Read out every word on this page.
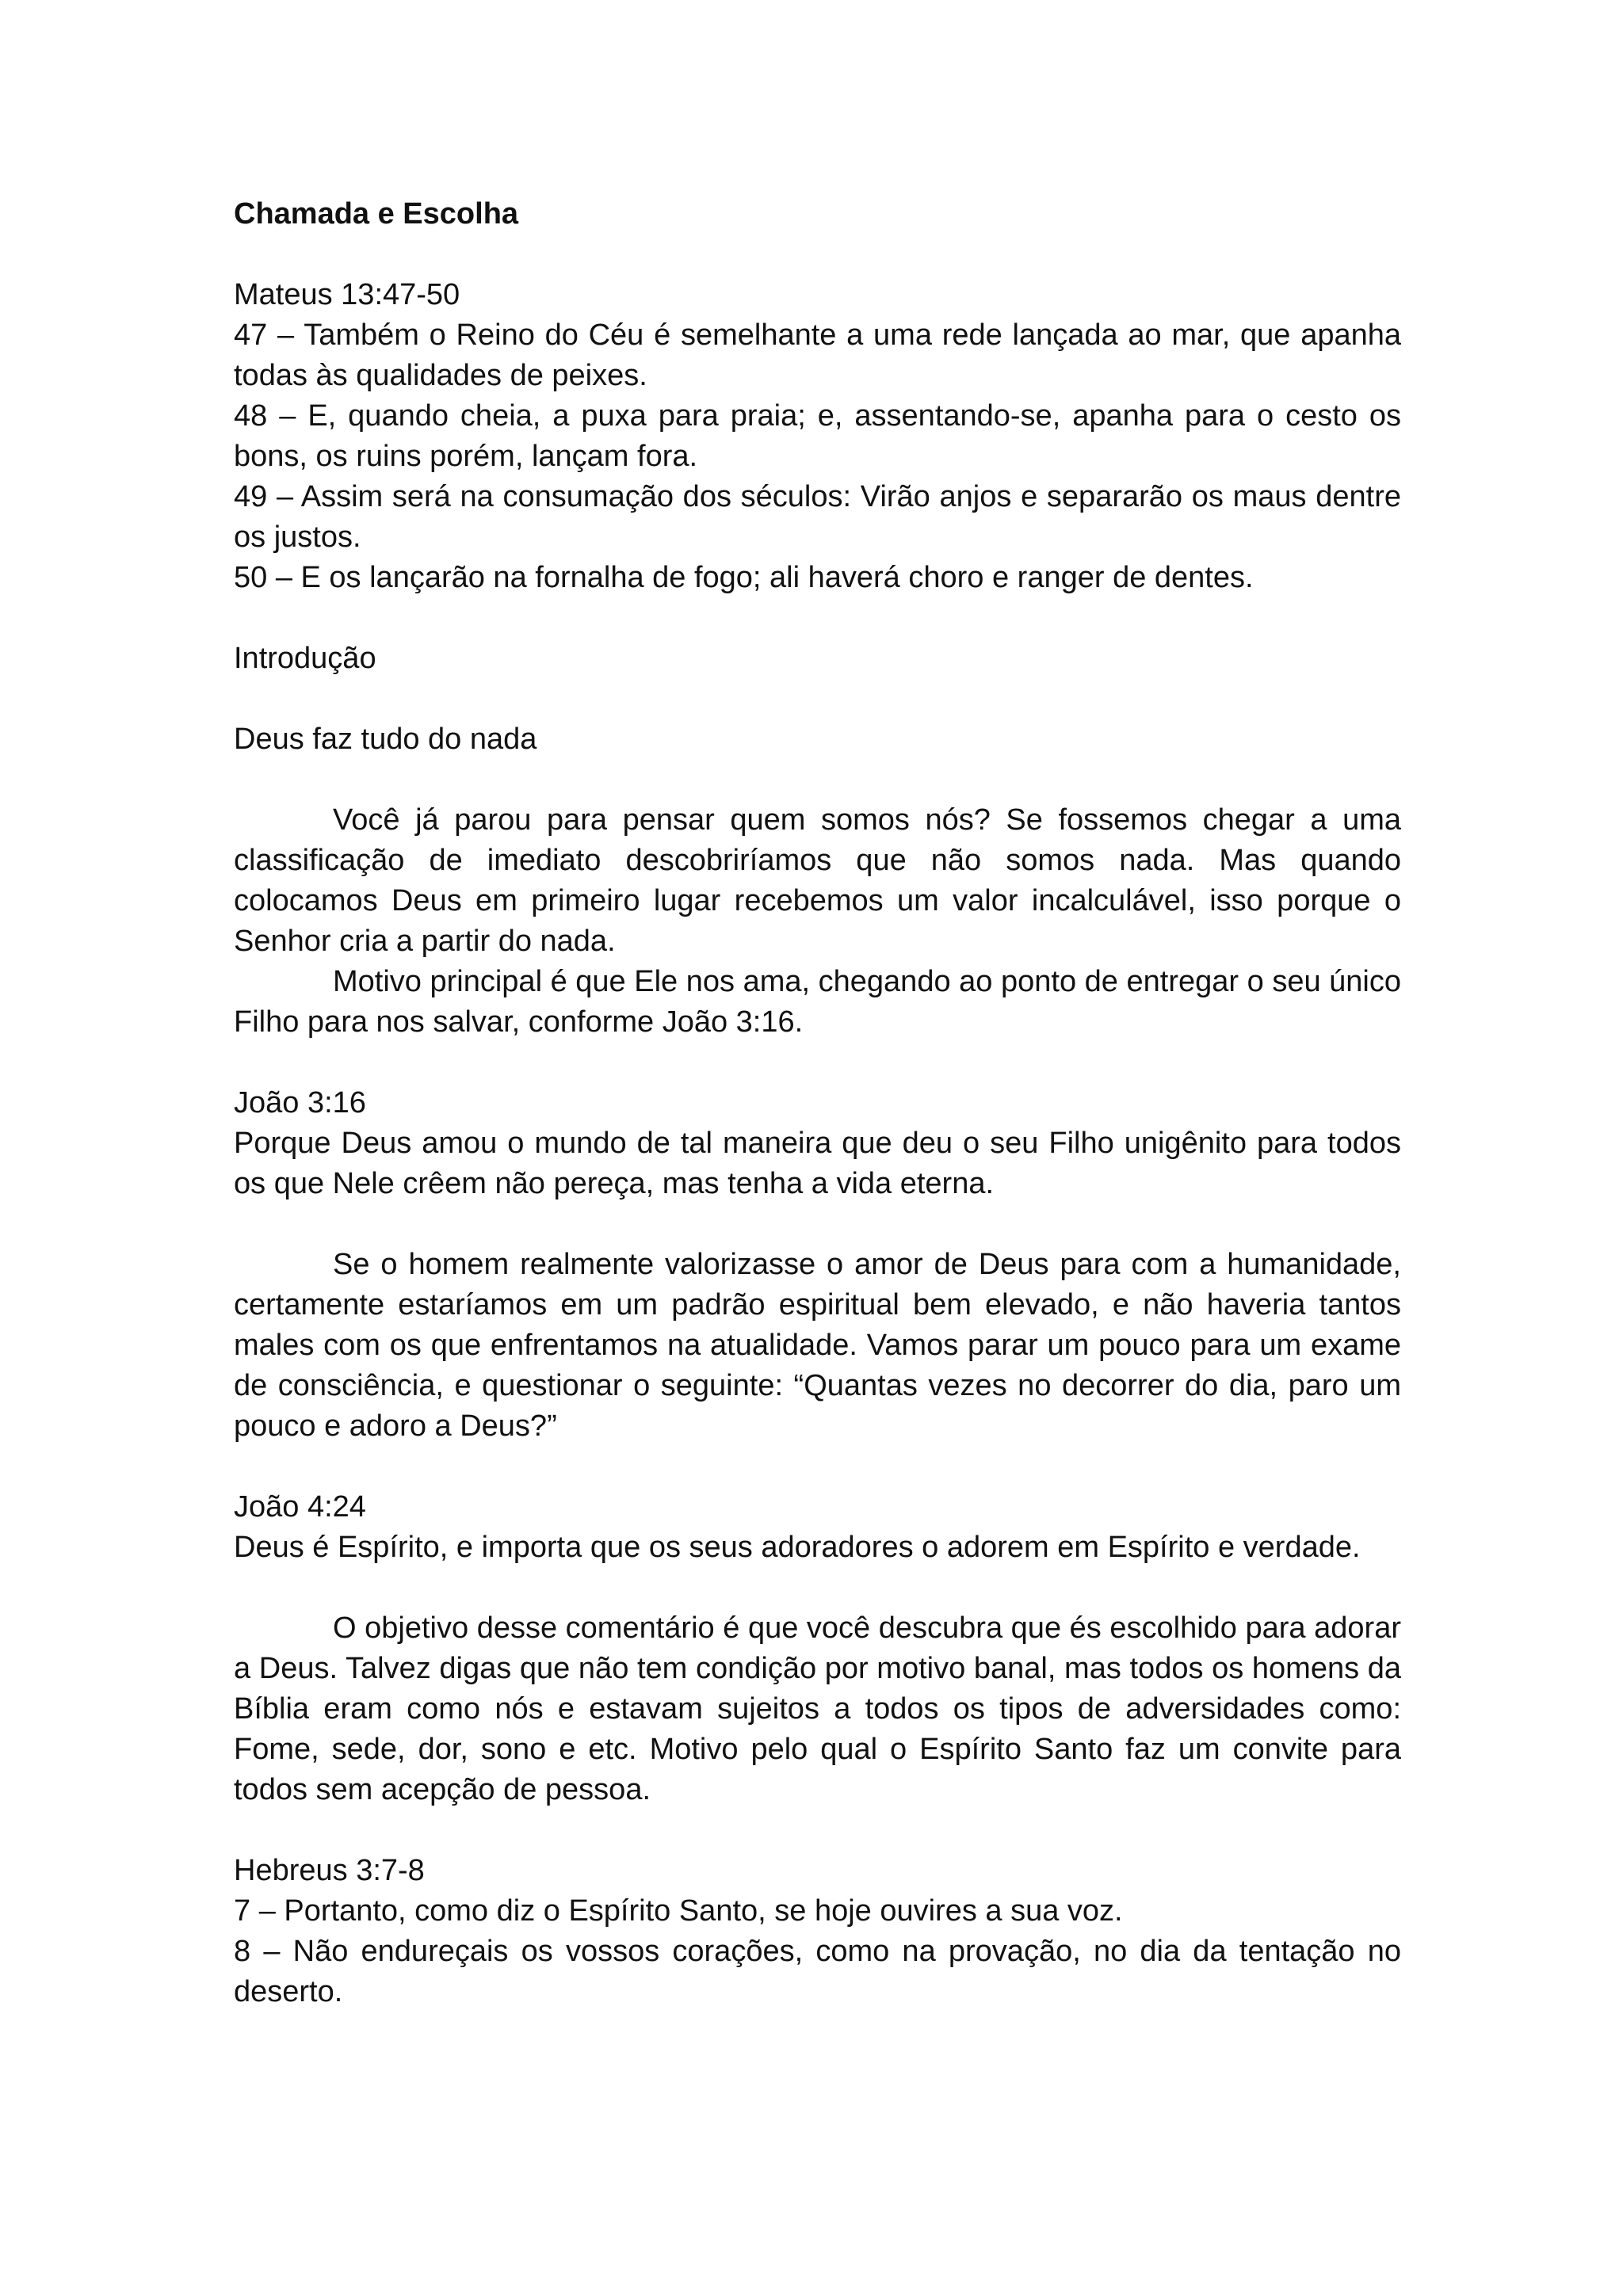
Chamada e Escolha

Mateus 13:47-50

47 – Também o Reino do Céu é semelhante a uma rede lançada ao mar, que apanha todas às qualidades de peixes.

48 – E, quando cheia, a puxa para praia; e, assentando-se, apanha para o cesto os bons, os ruins porém, lançam fora.

49 – Assim será na consumação dos séculos: Virão anjos e separarão os maus dentre os justos.

50 – E os lançarão na fornalha de fogo; ali haverá choro e ranger de dentes.

Introdução

Deus faz tudo do nada

Você já parou para pensar quem somos nós? Se fossemos chegar a uma classificação de imediato descobriríamos que não somos nada. Mas quando colocamos Deus em primeiro lugar recebemos um valor incalculável, isso porque o Senhor cria a partir do nada.

Motivo principal é que Ele nos ama, chegando ao ponto de entregar o seu único Filho para nos salvar, conforme João 3:16.

João 3:16

Porque Deus amou o mundo de tal maneira que deu o seu Filho unigênito para todos os que Nele crêem não pereça, mas tenha a vida eterna.

Se o homem realmente valorizasse o amor de Deus para com a humanidade, certamente estaríamos em um padrão espiritual bem elevado, e não haveria tantos males com os que enfrentamos na atualidade. Vamos parar um pouco para um exame de consciência, e questionar o seguinte: “Quantas vezes no decorrer do dia, paro um pouco e adoro a Deus?”

João 4:24

Deus é Espírito, e importa que os seus adoradores o adorem em Espírito e verdade.

O objetivo desse comentário é que você descubra que és escolhido para adorar a Deus. Talvez digas que não tem condição por motivo banal, mas todos os homens da Bíblia eram como nós e estavam sujeitos a todos os tipos de adversidades como: Fome, sede, dor, sono e etc. Motivo pelo qual o Espírito Santo faz um convite para todos sem acepção de pessoa.

Hebreus 3:7-8

7 – Portanto, como diz o Espírito Santo, se hoje ouvires a sua voz.

8 – Não endureçais os vossos corações, como na provação, no dia da tentação no deserto.
